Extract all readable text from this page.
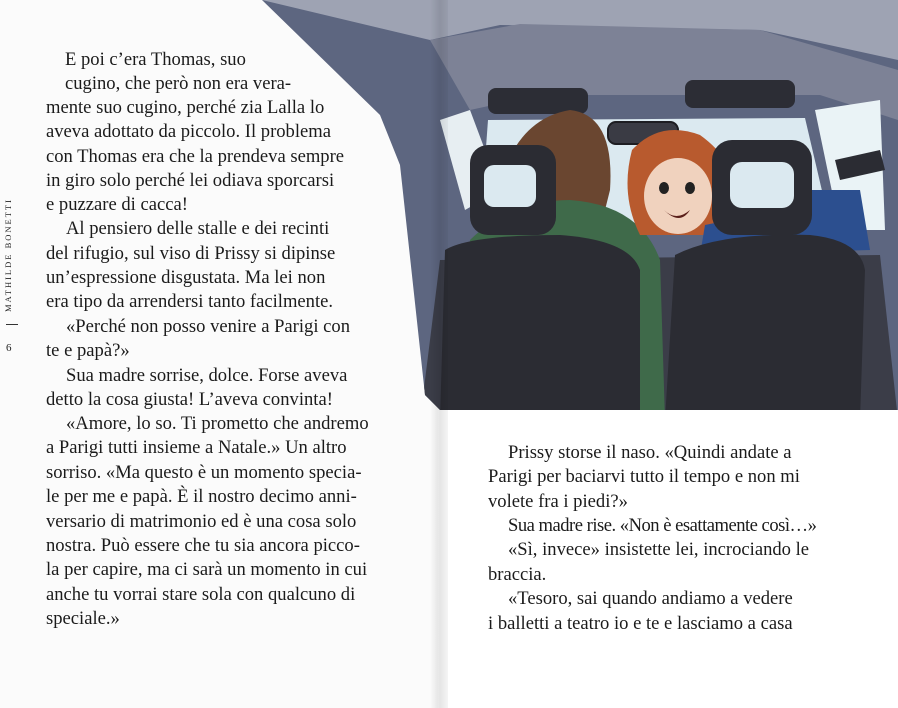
MATHILDE BONETTI
6
E poi c’era Thomas, suo
cugino, che però non era vera-
mente suo cugino, perché zia Lalla lo
aveva adottato da piccolo. Il problema
con Thomas era che la prendeva sempre
in giro solo perché lei odiava sporcarsi
e puzzare di cacca!
Al pensiero delle stalle e dei recinti
del rifugio, sul viso di Prissy si dipinse
un’espressione disgustata. Ma lei non
era tipo da arrendersi tanto facilmente.
«Perché non posso venire a Parigi con
te e papà?»
Sua madre sorrise, dolce. Forse aveva
detto la cosa giusta! L’aveva convinta!
«Amore, lo so. Ti prometto che andremo
a Parigi tutti insieme a Natale.» Un altro
sorriso. «Ma questo è un momento specia-
le per me e papà. È il nostro decimo anni-
versario di matrimonio ed è una cosa solo
nostra. Può essere che tu sia ancora picco-
la per capire, ma ci sarà un momento in cui
anche tu vorrai stare sola con qualcuno di
speciale.»
Prissy storse il naso. «Quindi andate a
Parigi per baciarvi tutto il tempo e non mi
volete fra i piedi?»
Sua madre rise. «Non è esattamente così…»
«Sì, invece» insistette lei, incrociando le
braccia.
«Tesoro, sai quando andiamo a vedere
i balletti a teatro io e te e lasciamo a casa
